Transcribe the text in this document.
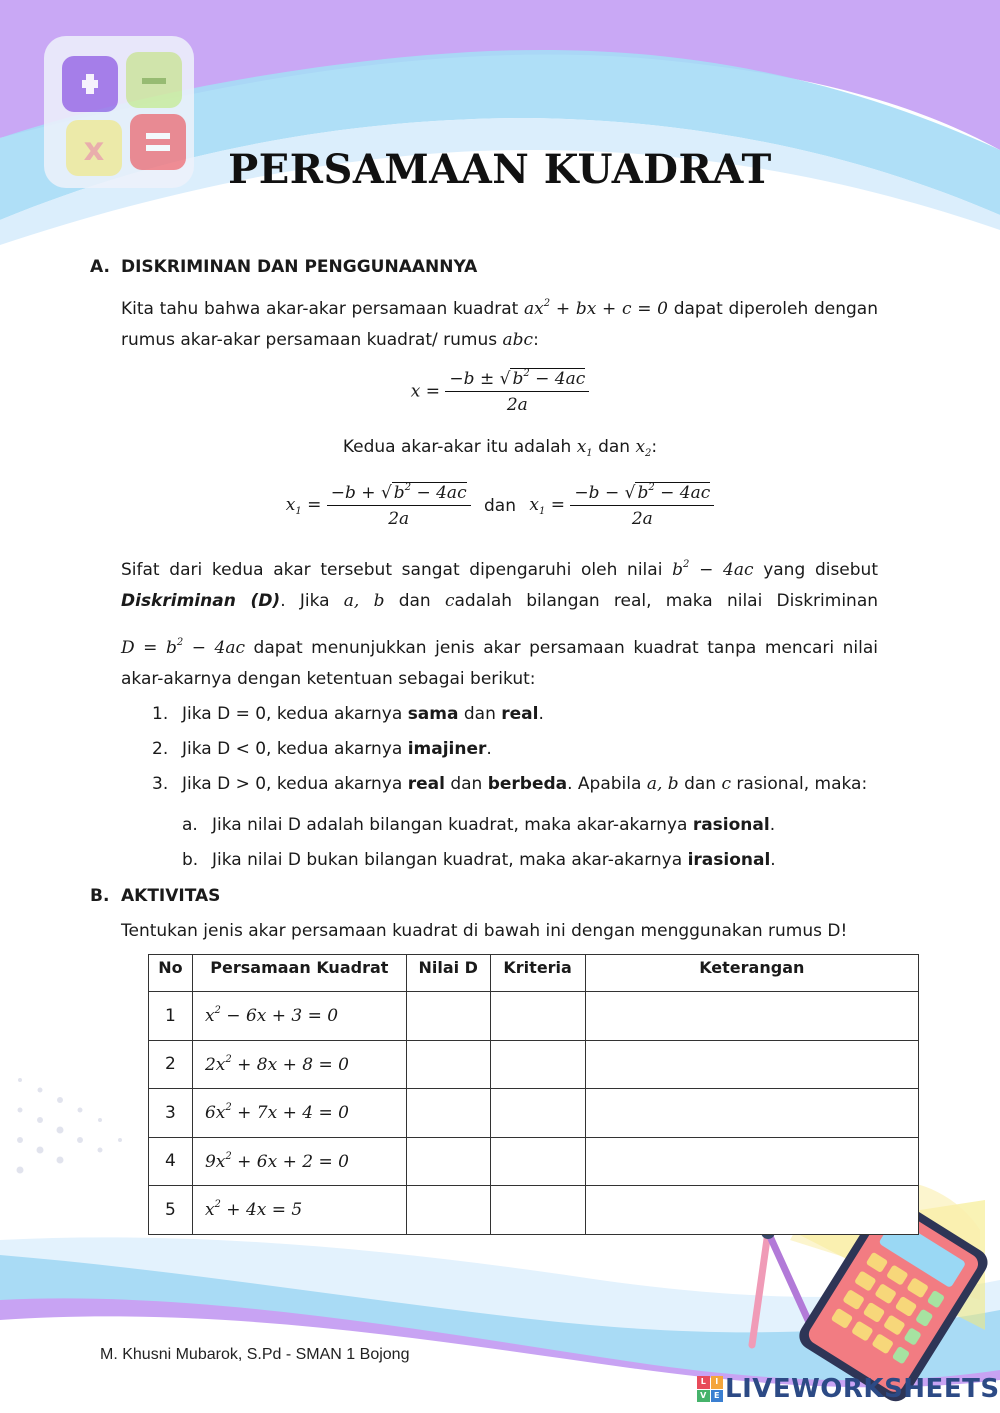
x	PERSAMAAN KUADRAT
A. DISKRIMINAN DAN PENGGUNAANNYA
Kita tahu bahwa akar-akar persamaan kuadrat $ax^2$ + bx + c = 0 dapat diperoleh dengan
rumus akar-akar persamaan kuadrat/ rumus abc:
$x = \frac{-b \pm √ b^2 - 4ac}{2a}$
Kedua akar-akar itu adalah $x_1$ dan $x_2$:
$x_1 = \frac{-b + √ b^2 - 4ac}{2a}$ dan $x_1 = \frac{-b - √ b^2 - 4ac}{2a}$
Sifat dari kedua akar tersebut sangat dipengaruhi oleh nilai $b^2 - 4ac$ yang disebut
Diskriminan (D). Jika a, b dan cadalah bilangan real, maka nilai Diskriminan
$D = b^2 - 4ac$ dapat menunjukkan jenis akar persamaan kuadrat tanpa mencari nilai
akar-akarnya dengan ketentuan sebagai berikut:
1. Jika D = 0, kedua akarnya sama dan real.
2. Jika D < 0, kedua akarnya imajiner.
3. Jika D > 0, kedua akarnya real dan berbeda. Apabila a, b dan c rasional, maka:
a. Jika nilai D adalah bilangan kuadrat, maka akar-akarnya rasional.
b. Jika nilai D bukan bilangan kuadrat, maka akar-akarnya irasional.
B. AKTIVITAS
Tentukan jenis akar persamaan kuadrat di bawah ini dengan menggunakan rumus D!
No	Persamaan Kuadrat	Nilai D	Kriteria	Keterangan
1	$x^2 - 6x + 3 = 0$			
2	$2x^2 + 8x + 8 = 0$			
3	$6x^2 + 7x + 4 = 0$			
4	$9x^2 + 6x + 2 = 0$			
5	$x^2 + 4x = 5$			
M. Khusni Mubarok, S.Pd - SMAN 1 Bojong
L	I
V E LIVEWORKSHEETS
